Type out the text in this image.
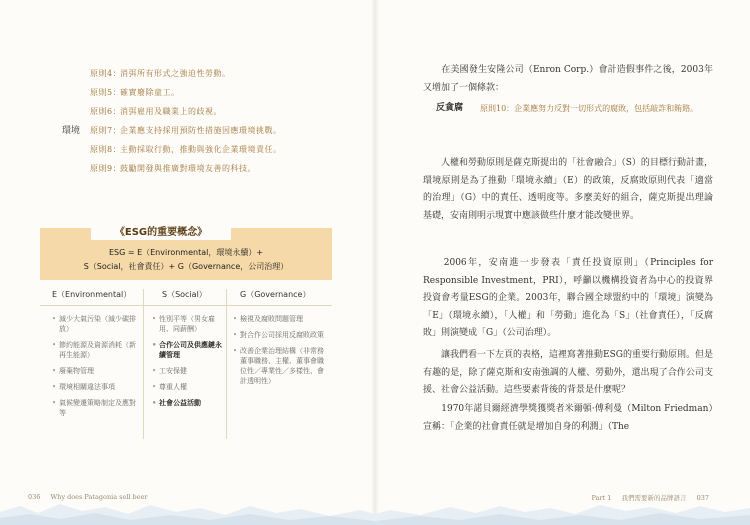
原則4：消弭所有形式之強迫性勞動。
原則5：確實廢除童工。
原則6：消弭雇用及職業上的歧視。
環境 原則7：企業應支持採用預防性措施因應環境挑戰。
原則8：主動採取行動，推動與強化企業環境責任。
原則9：鼓勵開發與推廣對環境友善的科技。
《ESG的重要概念》
ESG = E（Environmental，環境永續）+
S（Social，社會責任）+ G（Governance，公司治理）
E（Environmental）	S（Social）	G（Governance）
• 減少大氣污染（減少碳排放）
• 節約能源及資源消耗（新再生能源）
• 廢棄物管理
• 環境相關違法事項
• 氣候變遷策略制定及應對等
• 性別平等（男女雇用、同薪酬）
• 合作公司及供應鏈永續管理
• 工安保健
• 尊重人權
• 社會公益活動
• 檢視及腐敗問題管理
• 對合作公司採用反腐敗政策
• 改善企業治理結構（非常務董事職務、主權、董事會職位性／專業性／多樣性、會計透明性）
036 Why does Patagonia sell beer
　　在美國發生安隆公司（Enron Corp.）會計造假事件之後，2003年又增加了一個條款：
反貪腐 原則10：企業應努力反對一切形式的腐敗，包括敲詐和賄賂。
　　人權和勞動原則是薩克斯提出的「社會融合」（S）的目標行動計畫，環境原則是為了推動「環境永續」（E）的政策，反腐敗原則代表「適當的治理」（G）中的責任、透明度等。多麼美好的組合，薩克斯提出理論基礎，安南則明示現實中應該做些什麼才能改變世界。
　　2006年，安南進一步發表「責任投資原則」（Principles for Responsible Investment，PRI），呼籲以機構投資者為中心的投資界投資會考量ESG的企業。2003年，聯合國全球盟約中的「環境」演變為「E」（環境永續），「人權」和「勞動」進化為「S」（社會責任），「反腐敗」則演變成「G」（公司治理）。
　　讓我們看一下左頁的表格，這裡寫著推動ESG的重要行動原則。但是有趣的是，除了薩克斯和安南強調的人權、勞動外，還出現了合作公司支援、社會公益活動。這些要素背後的背景是什麼呢？
　　1970年諾貝爾經濟學獎獲獎者米爾頓·傅利曼（Milton Friedman）宣稱：「企業的社會責任就是增加自身的利潤」（The
Part 1 我們需要新的品牌語言 037
